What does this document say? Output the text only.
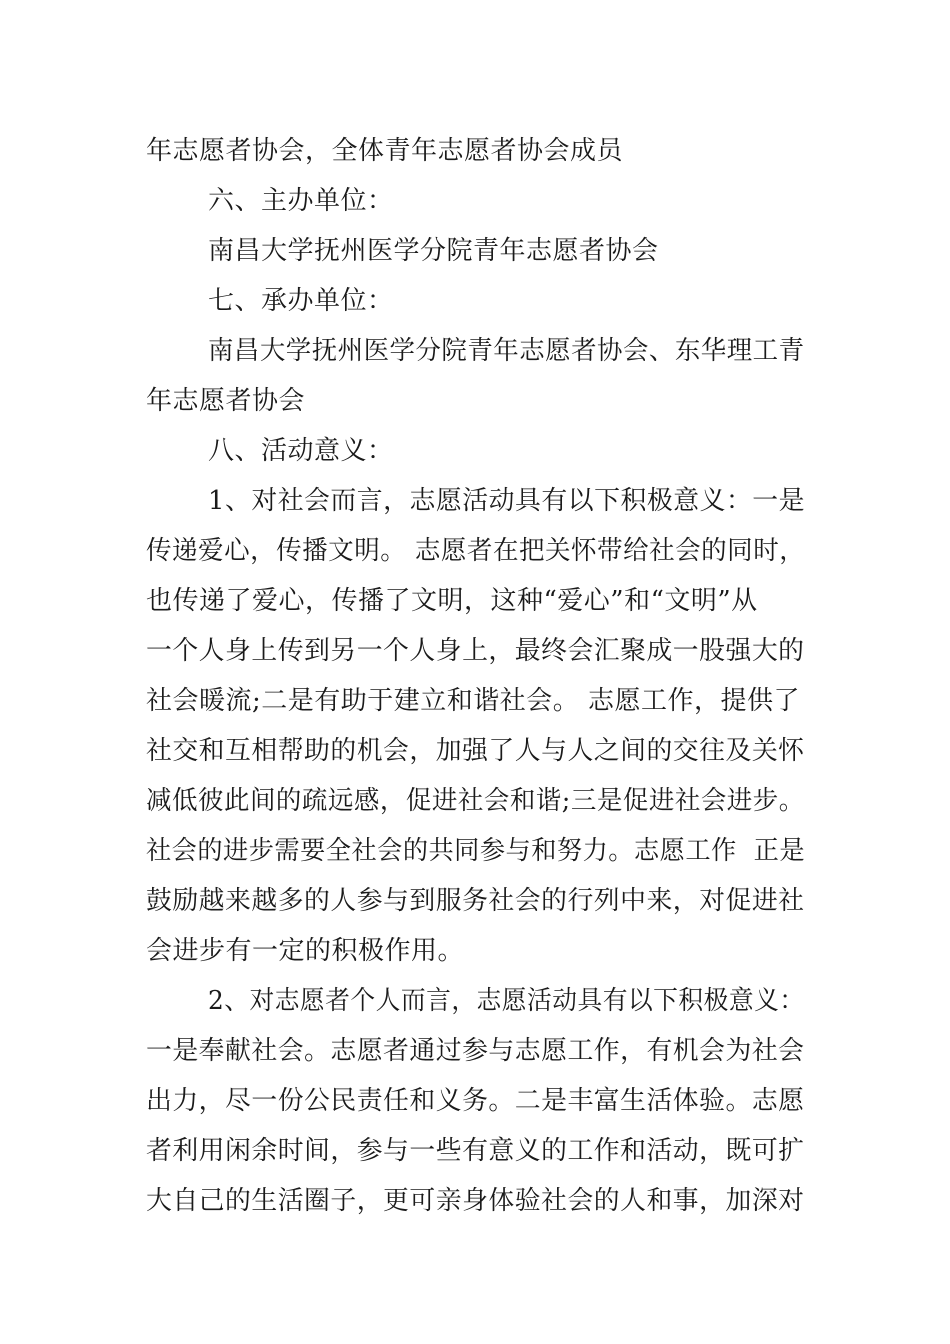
年志愿者协会，全体青年志愿者协会成员
六、主办单位：
南昌大学抚州医学分院青年志愿者协会
七、承办单位：
南昌大学抚州医学分院青年志愿者协会、东华理工青
年志愿者协会
八、活动意义：
1、对社会而言，志愿活动具有以下积极意义：一是
传递爱心，传播文明。 志愿者在把关怀带给社会的同时，
也传递了爱心，传播了文明，这种“爱心”和“文明”从
一个人身上传到另一个人身上，最终会汇聚成一股强大的
社会暖流;二是有助于建立和谐社会。 志愿工作，提供了
社交和互相帮助的机会，加强了人与人之间的交往及关怀
减低彼此间的疏远感，促进社会和谐;三是促进社会进步。
社会的进步需要全社会的共同参与和努力。志愿工作  正是
鼓励越来越多的人参与到服务社会的行列中来，对促进社
会进步有一定的积极作用。
2、对志愿者个人而言，志愿活动具有以下积极意义：
一是奉献社会。志愿者通过参与志愿工作，有机会为社会
出力，尽一份公民责任和义务。二是丰富生活体验。志愿
者利用闲余时间，参与一些有意义的工作和活动，既可扩
大自己的生活圈子，更可亲身体验社会的人和事，加深对
